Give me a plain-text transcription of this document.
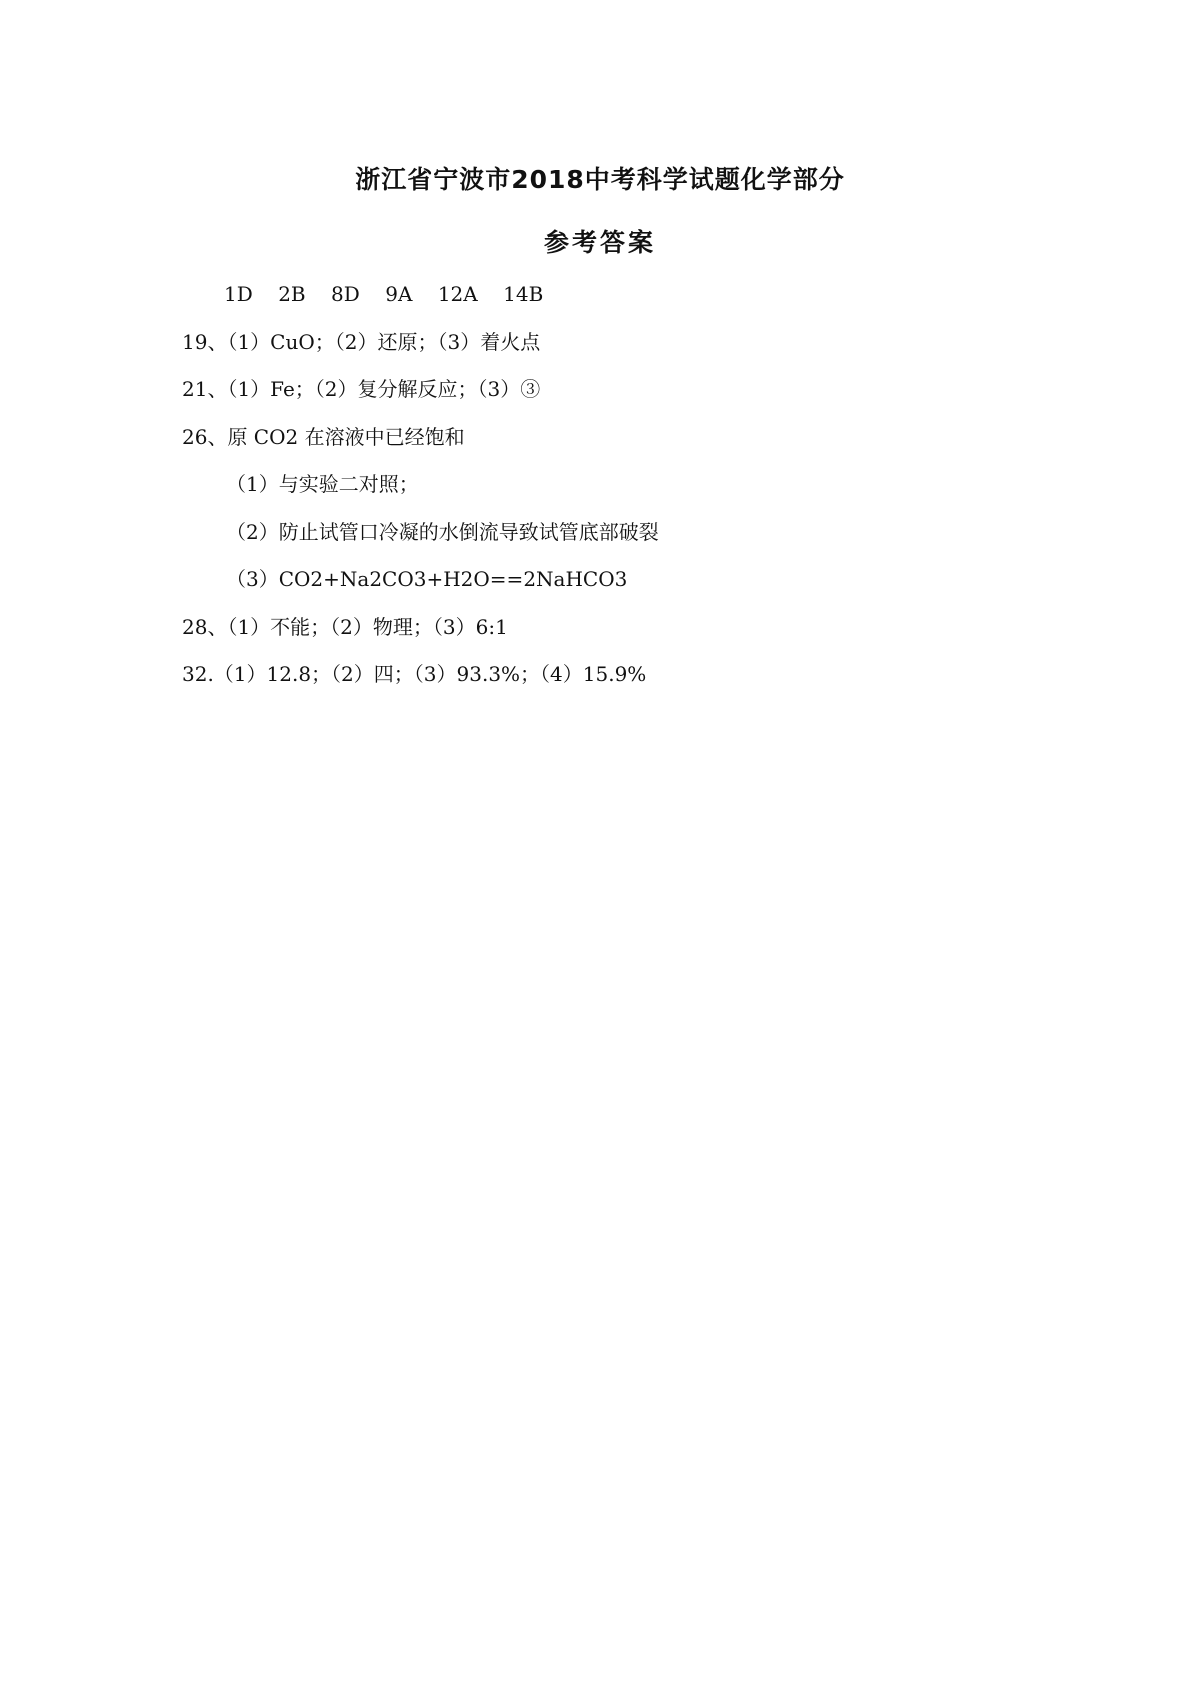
浙江省宁波市2018中考科学试题化学部分
参考答案
1D    2B    8D    9A    12A    14B
19、（1）CuO；（2）还原；（3）着火点
21、（1）Fe；（2）复分解反应；（3）③
26、原 CO2 在溶液中已经饱和
（1）与实验二对照；
（2）防止试管口冷凝的水倒流导致试管底部破裂
（3）CO2+Na2CO3+H2O==2NaHCO3
28、（1）不能；（2）物理；（3）6:1
32.（1）12.8；（2）四；（3）93.3%；（4）15.9%
